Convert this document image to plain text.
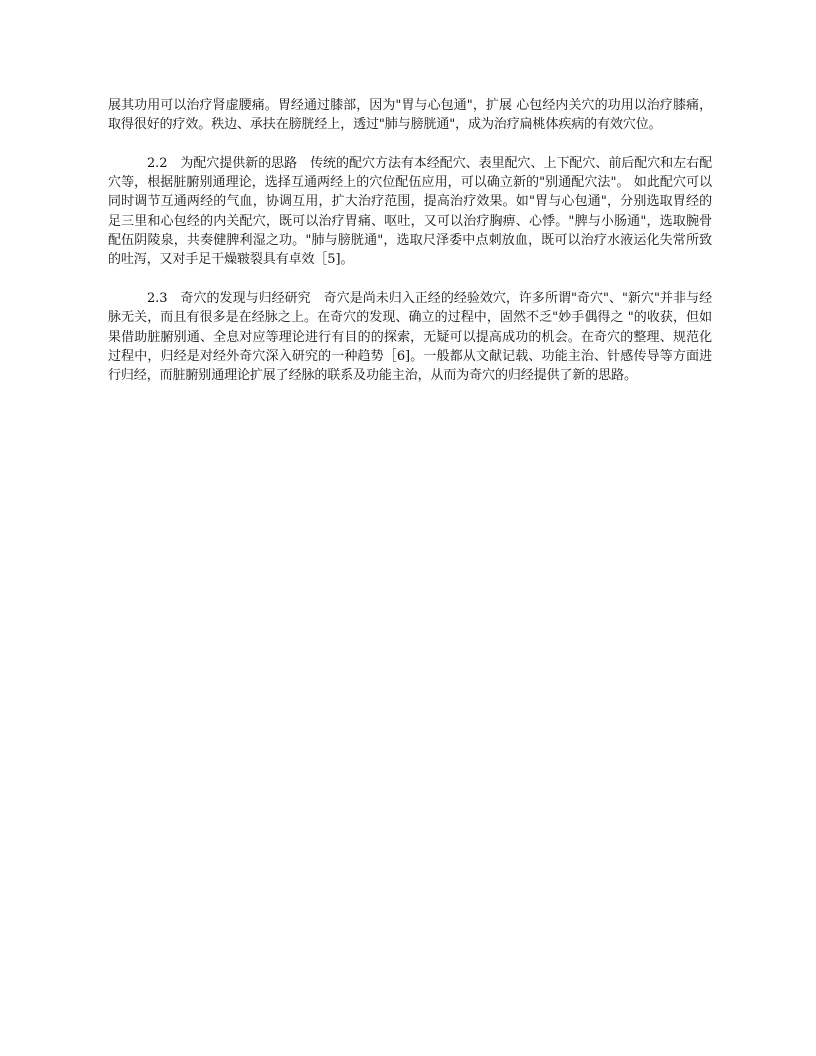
展其功用可以治疗肾虚腰痛。胃经通过膝部，因为"胃与心包通"，扩展 心包经内关穴的功用以治疗膝痛，取得很好的疗效。秩边、承扶在膀胱经上，透过"肺与膀胱通"，成为治疗扁桃体疾病的有效穴位。

2.2　为配穴提供新的思路　传统的配穴方法有本经配穴、表里配穴、上下配穴、前后配穴和左右配穴等，根据脏腑别通理论，选择互通两经上的穴位配伍应用，可以确立新的"别通配穴法"。 如此配穴可以同时调节互通两经的气血，协调互用，扩大治疗范围，提高治疗效果。如"胃与心包通"，分别选取胃经的足三里和心包经的内关配穴，既可以治疗胃痛、呕吐，又可以治疗胸痹、心悸。"脾与小肠通"，选取腕骨配伍阴陵泉，共奏健脾利湿之功。"肺与膀胱通"，选取尺泽委中点刺放血，既可以治疗水液运化失常所致的吐泻，又对手足干燥皲裂具有卓效［5]。

2.3　奇穴的发现与归经研究　奇穴是尚未归入正经的经验效穴，许多所谓"奇穴"、"新穴"并非与经脉无关，而且有很多是在经脉之上。在奇穴的发现、确立的过程中，固然不乏"妙手偶得之 "的收获，但如果借助脏腑别通、全息对应等理论进行有目的的探索，无疑可以提高成功的机会。在奇穴的整理、规范化过程中，归经是对经外奇穴深入研究的一种趋势［6]。一般都从文献记载、功能主治、针感传导等方面进行归经，而脏腑别通理论扩展了经脉的联系及功能主治，从而为奇穴的归经提供了新的思路。
